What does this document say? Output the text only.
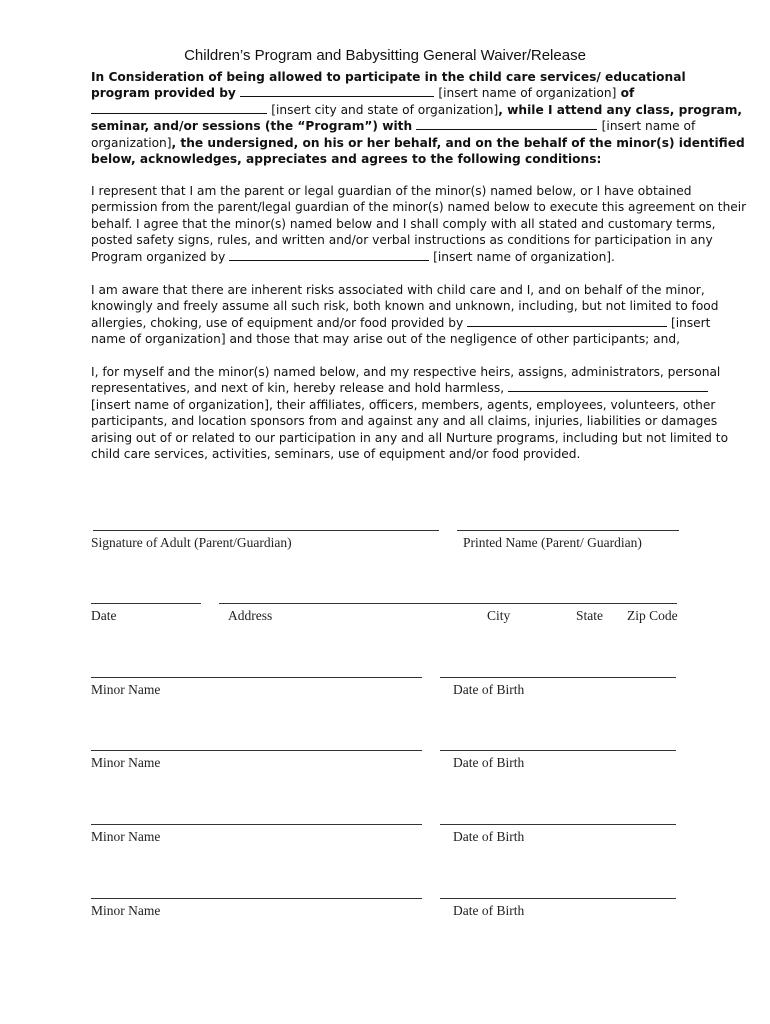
Children’s Program and Babysitting General Waiver/Release
In Consideration of being allowed to participate in the child care services/ educational
program provided by	[insert name of organization] of
[insert city and state of organization], while I attend any class, program,
seminar, and/or sessions (the “Program”) with	[insert name of
organization], the undersigned, on his or her behalf, and on the behalf of the minor(s) identified
below, acknowledges, appreciates and agrees to the following conditions:
I represent that I am the parent or legal guardian of the minor(s) named below, or I have obtained
permission from the parent/legal guardian of the minor(s) named below to execute this agreement on their
behalf. I agree that the minor(s) named below and I shall comply with all stated and customary terms,
posted safety signs, rules, and written and/or verbal instructions as conditions for participation in any
Program organized by	[insert name of organization].
I am aware that there are inherent risks associated with child care and I, and on behalf of the minor,
knowingly and freely assume all such risk, both known and unknown, including, but not limited to food
allergies, choking, use of equipment and/or food provided by	[insert
name of organization] and those that may arise out of the negligence of other participants; and,
I, for myself and the minor(s) named below, and my respective heirs, assigns, administrators, personal
representatives, and next of kin, hereby release and hold harmless,
[insert name of organization], their affiliates, officers, members, agents, employees, volunteers, other
participants, and location sponsors from and against any and all claims, injuries, liabilities or damages
arising out of or related to our participation in any and all Nurture programs, including but not limited to
child care services, activities, seminars, use of equipment and/or food provided.
Signature of Adult (Parent/Guardian)	Printed Name (Parent/ Guardian)
Date	Address	City	State Zip Code
Minor Name	Date of Birth
Minor Name	Date of Birth
Minor Name	Date of Birth
Minor Name	Date of Birth
